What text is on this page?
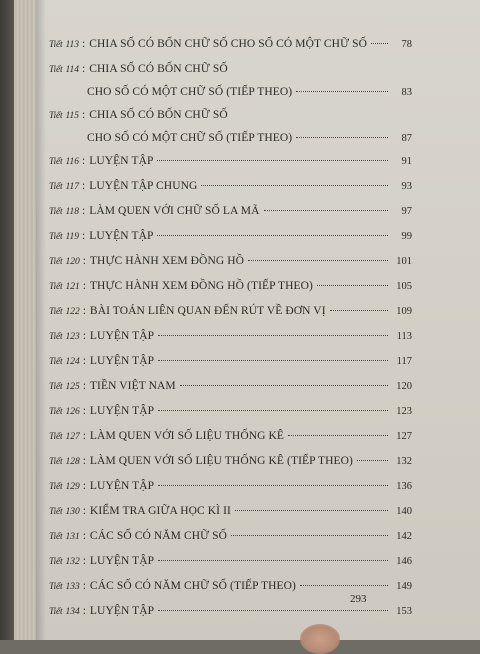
Tiết 113 : CHIA SỐ CÓ BỐN CHỮ SỐ CHO SỐ CÓ MỘT CHỮ SỐ	78
Tiết 114 : CHIA SỐ CÓ BỐN CHỮ SỐ
CHO SỐ CÓ MỘT CHỮ SỐ (TIẾP THEO)	83
Tiết 115 : CHIA SỐ CÓ BỐN CHỮ SỐ
CHO SỐ CÓ MỘT CHỮ SỐ (TIẾP THEO)	87
Tiết 116 : LUYỆN TẬP	91
Tiết 117 : LUYỆN TẬP CHUNG	93
Tiết 118 : LÀM QUEN VỚI CHỮ SỐ LA MÃ	97
Tiết 119 : LUYỆN TẬP	99
Tiết 120 : THỰC HÀNH XEM ĐỒNG HỒ	101
Tiết 121 : THỰC HÀNH XEM ĐỒNG HỒ (TIẾP THEO)	105
Tiết 122 : BÀI TOÁN LIÊN QUAN ĐẾN RÚT VỀ ĐƠN VỊ	109
Tiết 123 : LUYỆN TẬP	113
Tiết 124 : LUYỆN TẬP	117
Tiết 125 : TIỀN VIỆT NAM	120
Tiết 126 : LUYỆN TẬP	123
Tiết 127 : LÀM QUEN VỚI SỐ LIỆU THỐNG KÊ	127
Tiết 128 : LÀM QUEN VỚI SỐ LIỆU THỐNG KÊ (TIẾP THEO)	132
Tiết 129 : LUYỆN TẬP	136
Tiết 130 : KIỂM TRA GIỮA HỌC KÌ II	140
Tiết 131 : CÁC SỐ CÓ NĂM CHỮ SỐ	142
Tiết 132 : LUYỆN TẬP	146
Tiết 133 : CÁC SỐ CÓ NĂM CHỮ SỐ (TIẾP THEO)	149
Tiết 134 : LUYỆN TẬP	153
293
